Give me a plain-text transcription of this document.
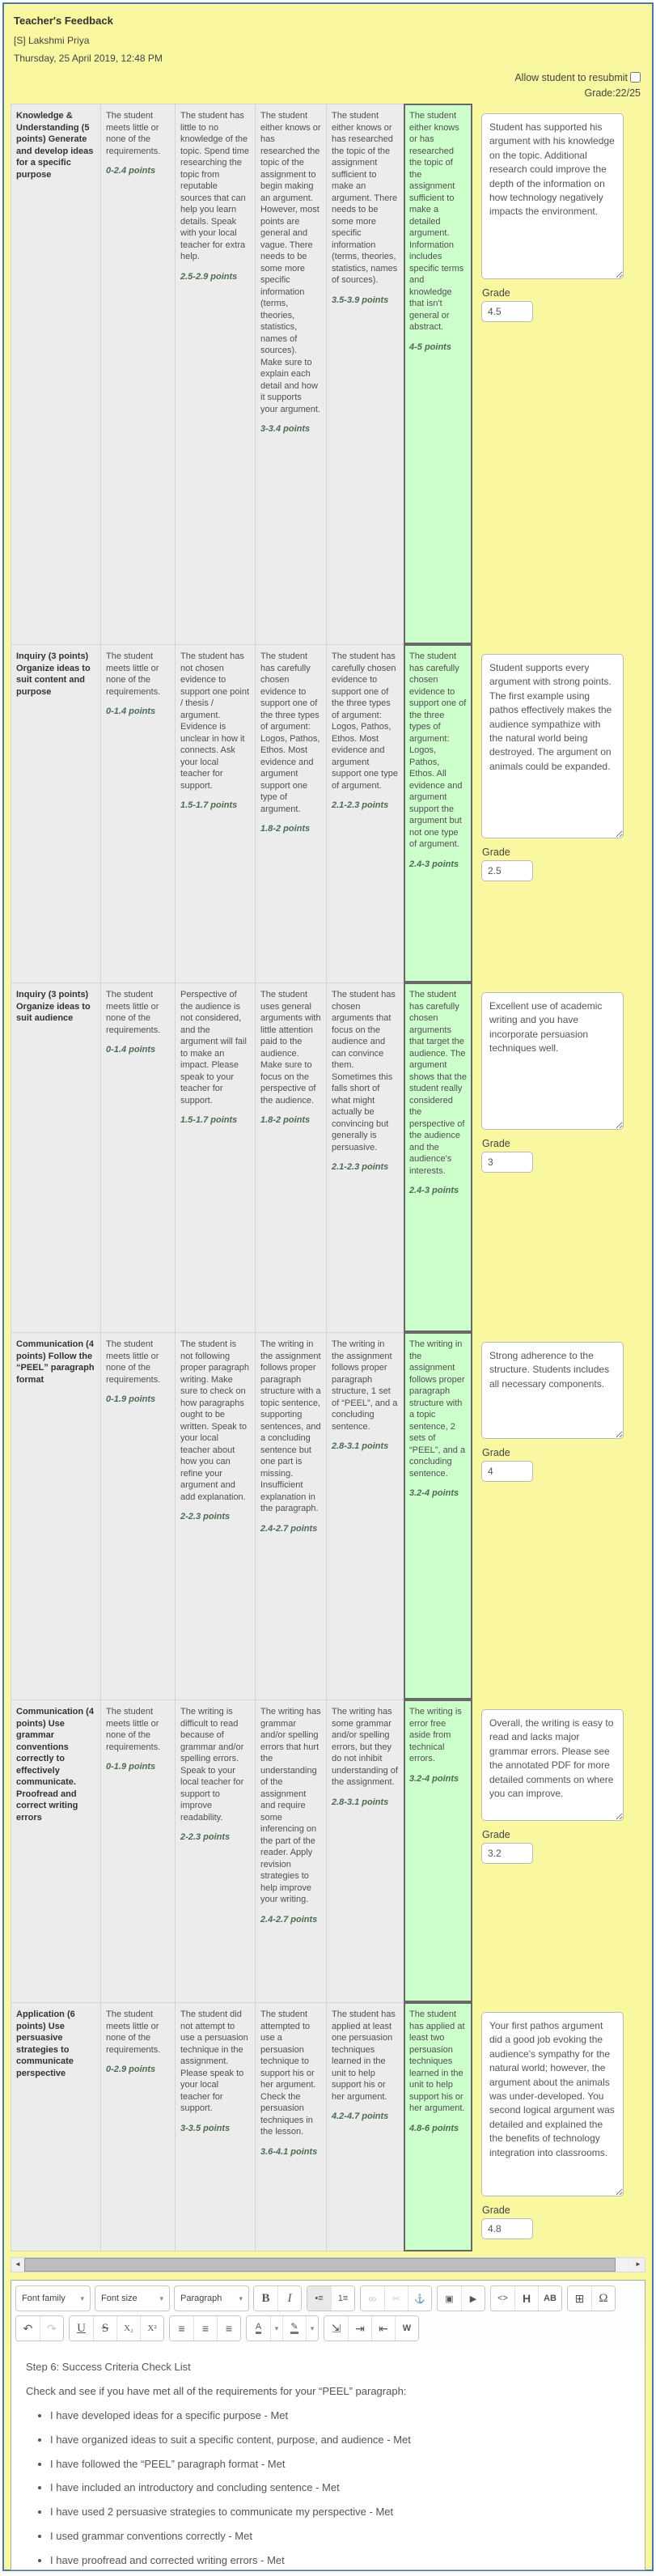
Teacher's Feedback
[S] Lakshmi Priya
Thursday, 25 April 2019, 12:48 PM
Allow student to resubmit
Grade:22/25
Knowledge & Understanding (5 points) Generate and develop ideas for a specific purpose
The student meets little or none of the requirements.
0-2.4 points
The student has little to no knowledge of the topic. Spend time researching the topic from reputable sources that can help you learn details. Speak with your local teacher for extra help.
2.5-2.9 points
The student either knows or has researched the topic of the assignment to begin making an argument. However, most points are general and vague. There needs to be some more specific information (terms, theories, statistics, names of sources). Make sure to explain each detail and how it supports your argument.
3-3.4 points
The student either knows or has researched the topic of the assignment sufficient to make an argument. There needs to be some more specific information (terms, theories, statistics, names of sources).
3.5-3.9 points
The student either knows or has researched the topic of the assignment sufficient to make a detailed argument. Information includes specific terms and knowledge that isn't general or abstract.
4-5 points
Student has supported his argument with his knowledge on the topic. Additional research could improve the depth of the information on how technology negatively impacts the environment.
Grade
4.5
Inquiry (3 points) Organize ideas to suit content and purpose
The student meets little or none of the requirements.
0-1.4 points
The student has not chosen evidence to support one point / thesis / argument. Evidence is unclear in how it connects. Ask your local teacher for support.
1.5-1.7 points
The student has carefully chosen evidence to support one of the three types of argument: Logos, Pathos, Ethos. Most evidence and argument support one type of argument.
1.8-2 points
The student has carefully chosen evidence to support one of the three types of argument: Logos, Pathos, Ethos. Most evidence and argument support one type of argument.
2.1-2.3 points
The student has carefully chosen evidence to support one of the three types of argument: Logos, Pathos, Ethos. All evidence and argument support the argument but not one type of argument.
2.4-3 points
Student supports every argument with strong points. The first example using pathos effectively makes the audience sympathize with the natural world being destroyed. The argument on animals could be expanded.
Grade
2.5
Inquiry (3 points) Organize ideas to suit audience
The student meets little or none of the requirements.
0-1.4 points
Perspective of the audience is not considered, and the argument will fail to make an impact. Please speak to your teacher for support.
1.5-1.7 points
The student uses general arguments with little attention paid to the audience. Make sure to focus on the perspective of the audience.
1.8-2 points
The student has chosen arguments that focus on the audience and can convince them. Sometimes this falls short of what might actually be convincing but generally is persuasive.
2.1-2.3 points
The student has carefully chosen arguments that target the audience. The argument shows that the student really considered the perspective of the audience and the audience's interests.
2.4-3 points
Excellent use of academic writing and you have incorporate persuasion techniques well.
Grade
3
Communication (4 points) Follow the “PEEL” paragraph format
The student meets little or none of the requirements.
0-1.9 points
The student is not following proper paragraph writing. Make sure to check on how paragraphs ought to be written. Speak to your local teacher about how you can refine your argument and add explanation.
2-2.3 points
The writing in the assignment follows proper paragraph structure with a topic sentence, supporting sentences, and a concluding sentence but one part is missing. Insufficient explanation in the paragraph.
2.4-2.7 points
The writing in the assignment follows proper paragraph structure, 1 set of “PEEL”, and a concluding sentence.
2.8-3.1 points
The writing in the assignment follows proper paragraph structure with a topic sentence, 2 sets of “PEEL”, and a concluding sentence.
3.2-4 points
Strong adherence to the structure. Students includes all necessary components.
Grade
4
Communication (4 points) Use grammar conventions correctly to effectively communicate. Proofread and correct writing errors
The student meets little or none of the requirements.
0-1.9 points
The writing is difficult to read because of grammar and/or spelling errors. Speak to your local teacher for support to improve readability.
2-2.3 points
The writing has grammar and/or spelling errors that hurt the understanding of the assignment and require some inferencing on the part of the reader. Apply revision strategies to help improve your writing.
2.4-2.7 points
The writing has some grammar and/or spelling errors, but they do not inhibit understanding of the assignment.
2.8-3.1 points
The writing is error free aside from technical errors.
3.2-4 points
Overall, the writing is easy to read and lacks major grammar errors. Please see the annotated PDF for more detailed comments on where you can improve.
Grade
3.2
Application (6 points) Use persuasive strategies to communicate perspective
The student meets little or none of the requirements.
0-2.9 points
The student did not attempt to use a persuasion technique in the assignment. Please speak to your local teacher for support.
3-3.5 points
The student attempted to use a persuasion technique to support his or her argument. Check the persuasion techniques in the lesson.
3.6-4.1 points
The student has applied at least one persuasion techniques learned in the unit to help support his or her argument.
4.2-4.7 points
The student has applied at least two persuasion techniques learned in the unit to help support his or her argument.
4.8-6 points
Your first pathos argument did a good job evoking the audience's sympathy for the natural world; however, the argument about the animals was under-developed. You second logical argument was detailed and explained the the benefits of technology integration into classrooms.
Grade
4.8
◄	►
Font family ▾ Font size	▾ Paragraph ▾ B I	•≡ 1≡ ∞ ✂ ⚓ ▣ ▶ <> H AB ⊞ Ω
↶ ↷ U S X₂ X² ≡ ≡ ≡	A ▾ ✎ ▾ ⇲ ⇥ ⇤ W
Step 6: Success Criteria Check List
Check and see if you have met all of the requirements for your “PEEL” paragraph:
• I have developed ideas for a specific purpose - Met
• I have organized ideas to suit a specific content, purpose, and audience - Met
• I have followed the “PEEL” paragraph format - Met
• I have included an introductory and concluding sentence - Met
• I have used 2 persuasive strategies to communicate my perspective - Met
• I used grammar conventions correctly - Met
• I have proofread and corrected writing errors - Met
